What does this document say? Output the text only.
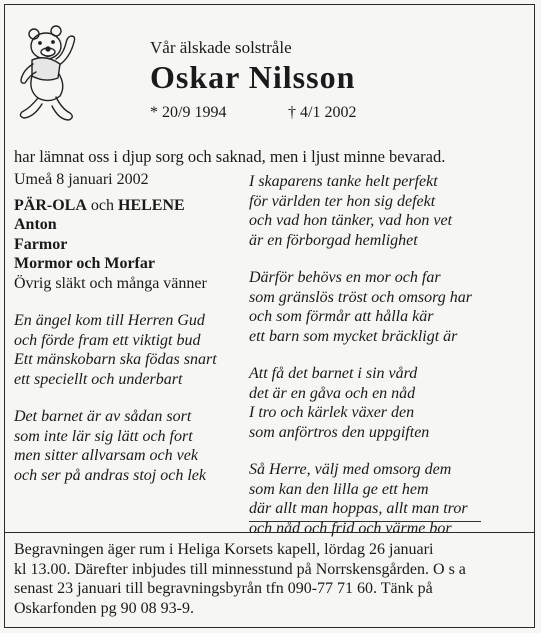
Vår älskade solstråle
Oskar Nilsson
* 20/9 1994	† 4/1 2002
har lämnat oss i djup sorg och saknad, men i ljust minne bevarad.
Umeå 8 januari 2002
PÄR-OLA och HELENE
Anton
Farmor
Mormor och Morfar
Övrig släkt och många vänner
En ängel kom till Herren Gud
och förde fram ett viktigt bud
Ett mänskobarn ska födas snart
ett speciellt och underbart
Det barnet är av sådan sort
som inte lär sig lätt och fort
men sitter allvarsam och vek
och ser på andras stoj och lek
I skaparens tanke helt perfekt
för världen ter hon sig defekt
och vad hon tänker, vad hon vet
är en förborgad hemlighet
Därför behövs en mor och far
som gränslös tröst och omsorg har
och som förmår att hålla kär
ett barn som mycket bräckligt är
Att få det barnet i sin vård
det är en gåva och en nåd
I tro och kärlek växer den
som anförtros den uppgiften
Så Herre, välj med omsorg dem
som kan den lilla ge ett hem
där allt man hoppas, allt man tror
och nåd och frid och värme bor
Begravningen äger rum i Heliga Korsets kapell, lördag 26 januari
kl 13.00. Därefter inbjudes till minnesstund på Norrskensgården. O s a
senast 23 januari till begravningsbyrån tfn 090-77 71 60. Tänk på
Oskarfonden pg 90 08 93-9.
